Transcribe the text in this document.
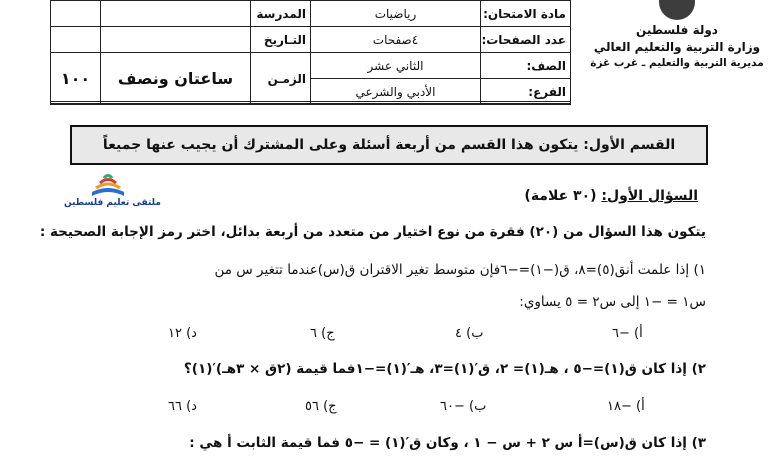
		المدرسة	رياضيات	مادة الامتحان:
		التـاريخ	٤صفحات	عدد الصفحات:
١٠٠	ساعتان ونصف	الزمـن	الثاني عشر	الصف:
			الأدبي والشرعي	الفرع:
دولة فلسطين
وزارة التربية والتعليم العالي
مديرية التربية والتعليم ـ غرب غزة
القسم الأول: يتكون هذا القسم من أربعة أسئلة وعلى المشترك أن يجيب عنها جميعاً
ملتقى تعليم فلسطين	السؤال الأول: (٣٠ علامة)
يتكون هذا السؤال من (٢٠) فقرة من نوع اختيار من متعدد من أربعة بدائل، اختر رمز الإجابة الصحيحة :
١) إذا علمت أنق(٥)=٨، ق(−١)=−٦فإن متوسط تغير الاقتران ق(س)عندما تتغير س من
س١ = −١ إلى س٢ = ٥ يساوي:
أ) −٦
ب) ٤
ج) ٦
د) ١٢
٢) إذا كان ق(١)=−٥ ، هـ(١)= ٢، ق′(١)=٣، هـ′(١)=−١فما قيمة (٢ق × ٣هـ)′(١)؟
أ) −١٨
ب) −٦٠
ج) ٥٦
د) ٦٦
٣) إذا كان ق(س)=أ س ٢ + س − ١ ، وكان ق′(١) = −٥ فما قيمة الثابت أ هي :
